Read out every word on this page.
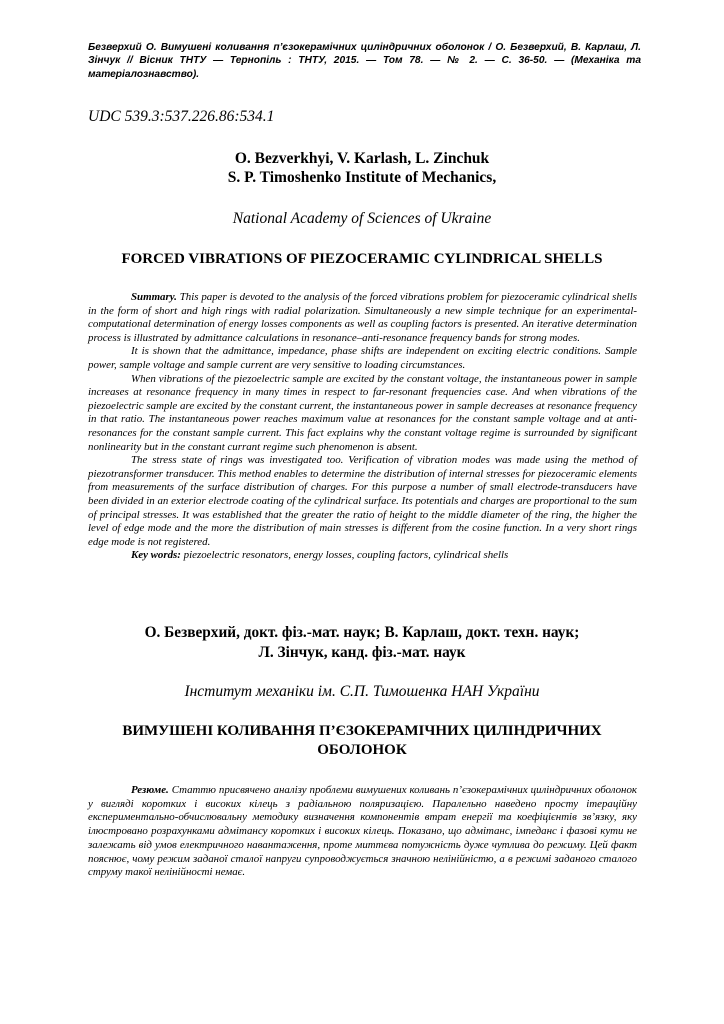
Безверхий О. Вимушені коливання п’єзокерамічних циліндричних оболонок / О. Безверхий, В. Карлаш, Л. Зінчук // Вісник ТНТУ — Тернопіль : ТНТУ, 2015. — Том 78. — № 2. — С. 36-50. — (Механіка та матеріалознавство).
UDC 539.3:537.226.86:534.1
O. Bezverkhyi, V. Karlash, L. Zinchuk
S. P. Timoshenko Institute of Mechanics,
National Academy of Sciences of Ukraine
FORCED VIBRATIONS OF PIEZOCERAMIC CYLINDRICAL SHELLS

Summary. This paper is devoted to the analysis of the forced vibrations problem for piezoceramic cylindrical shells in the form of short and high rings with radial polarization. Simultaneously a new simple technique for an experimental-computational determination of energy losses components as well as coupling factors is presented. An iterative determination process is illustrated by admittance calculations in resonance–anti-resonance frequency bands for strong modes.

It is shown that the admittance, impedance, phase shifts are independent on exciting electric conditions. Sample power, sample voltage and sample current are very sensitive to loading circumstances.

When vibrations of the piezoelectric sample are excited by the constant voltage, the instantaneous power in sample increases at resonance frequency in many times in respect to far-resonant frequencies case. And when vibrations of the piezoelectric sample are excited by the constant current, the instantaneous power in sample decreases at resonance frequency in that ratio. The instantaneous power reaches maximum value at resonances for the constant sample voltage and at anti-resonances for the constant sample current. This fact explains why the constant voltage regime is surrounded by significant nonlinearity but in the constant currant regime such phenomenon is absent.

The stress state of rings was investigated too. Verification of vibration modes was made using the method of piezotransformer transducer. This method enables to determine the distribution of internal stresses for piezoceramic elements from measurements of the surface distribution of charges. For this purpose a number of small electrode-transducers have been divided in an exterior electrode coating of the cylindrical surface. Its potentials and charges are proportional to the sum of principal stresses. It was established that the greater the ratio of height to the middle diameter of the ring, the higher the level of edge mode and the more the distribution of main stresses is different from the cosine function. In a very short rings edge mode is not registered.

Key words: piezoelectric resonators, energy losses, coupling factors, cylindrical shells

О. Безверхий, докт. фіз.-мат. наук; В. Карлаш, докт. техн. наук;
Л. Зінчук, канд. фіз.-мат. наук
Інститут механіки ім. С.П. Тимошенка НАН України
ВИМУШЕНІ КОЛИВАННЯ П’ЄЗОКЕРАМІЧНИХ ЦИЛІНДРИЧНИХ
ОБОЛОНОК

Резюме. Статтю присвячено аналізу проблеми вимушених коливань п’єзокерамічних циліндричних оболонок у вигляді коротких і високих кілець з радіальною поляризацією. Паралельно наведено просту ітераційну експериментально-обчислювальну методику визначення компонентів втрат енергії та коефіцієнтів зв’язку, яку ілюстровано розрахунками адмітансу коротких і високих кілець. Показано, що адмітанс, імпеданс і фазові кути не залежать від умов електричного навантаження, проте миттєва потужність дуже чутлива до режиму. Цей факт пояснює, чому режим заданої сталої напруги супроводжується значною нелінійністю, а в режимі заданого сталого струму такої нелінійності немає.
